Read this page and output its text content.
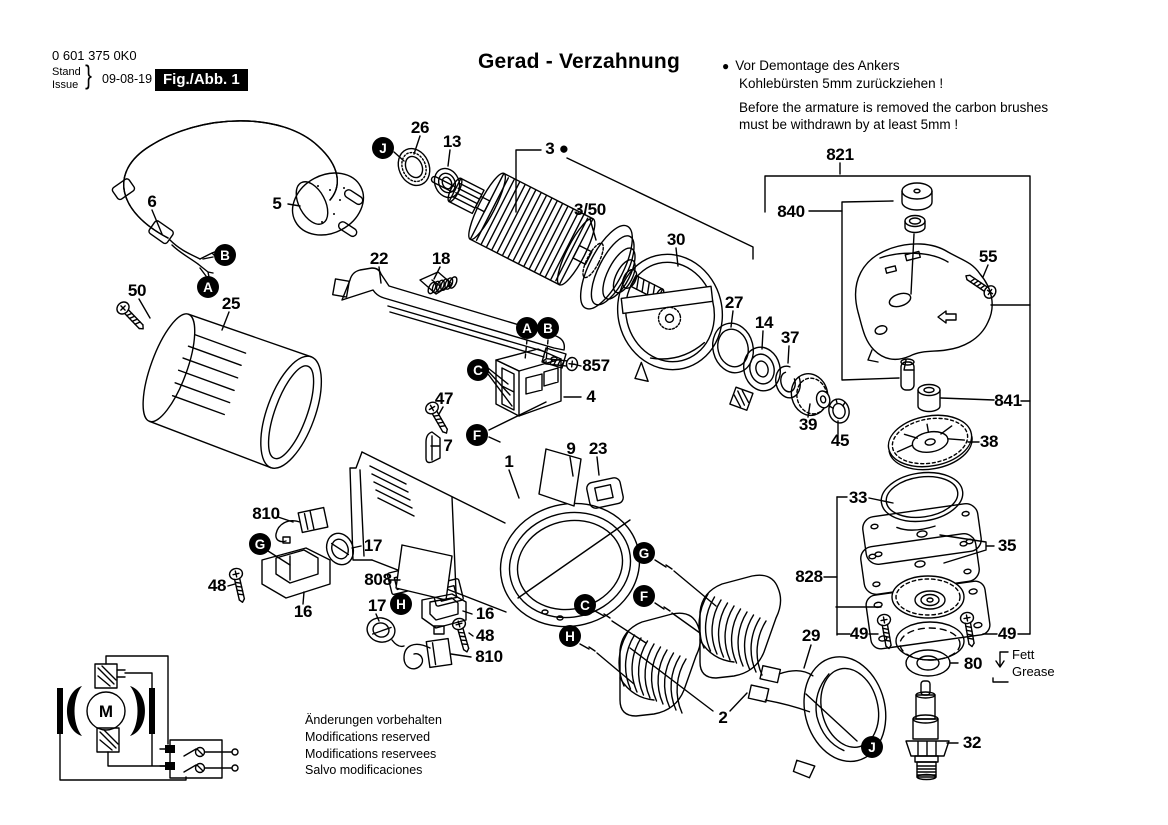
M
0 601 375 0K0
Stand
Issue } 09-08-19 Fig./Abb. 1
Gerad - Verzahnung	● Vor Demontage des Ankers
Kohlebürsten 5mm zurückziehen !
Before the armature is removed the carbon brushes
must be withdrawn by at least 5mm !
Fett
Grease
Änderungen vorbehalten
Modifications reserved
Modifications reservees
Salvo modificaciones
26
13	3 ●
3/50
30
27
14
37
39
45
821
840
55
841
38
33
35
828
49	49
80
32
29
2
6	5
50
25
22	18
857
4
47
7
1
9 23
810
17
48
16
808
17	16
48
810
J
B
A
A B
C
F
G
H
G
F
C
H
J
